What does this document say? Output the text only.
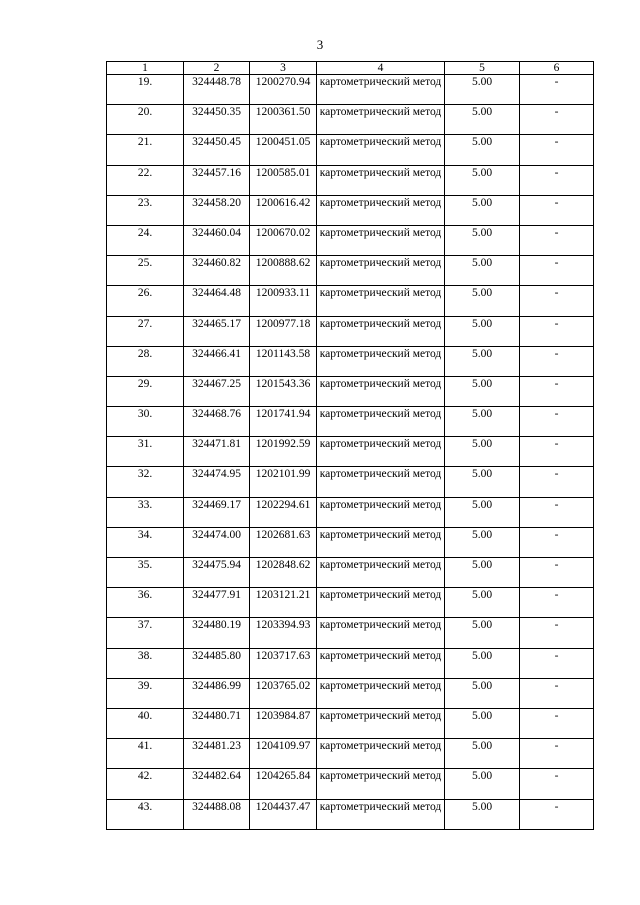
3
1	2	3	4	5	6
19.	324448.78	1200270.94	картометрический метод	5.00	-
20.	324450.35	1200361.50	картометрический метод	5.00	-
21.	324450.45	1200451.05	картометрический метод	5.00	-
22.	324457.16	1200585.01	картометрический метод	5.00	-
23.	324458.20	1200616.42	картометрический метод	5.00	-
24.	324460.04	1200670.02	картометрический метод	5.00	-
25.	324460.82	1200888.62	картометрический метод	5.00	-
26.	324464.48	1200933.11	картометрический метод	5.00	-
27.	324465.17	1200977.18	картометрический метод	5.00	-
28.	324466.41	1201143.58	картометрический метод	5.00	-
29.	324467.25	1201543.36	картометрический метод	5.00	-
30.	324468.76	1201741.94	картометрический метод	5.00	-
31.	324471.81	1201992.59	картометрический метод	5.00	-
32.	324474.95	1202101.99	картометрический метод	5.00	-
33.	324469.17	1202294.61	картометрический метод	5.00	-
34.	324474.00	1202681.63	картометрический метод	5.00	-
35.	324475.94	1202848.62	картометрический метод	5.00	-
36.	324477.91	1203121.21	картометрический метод	5.00	-
37.	324480.19	1203394.93	картометрический метод	5.00	-
38.	324485.80	1203717.63	картометрический метод	5.00	-
39.	324486.99	1203765.02	картометрический метод	5.00	-
40.	324480.71	1203984.87	картометрический метод	5.00	-
41.	324481.23	1204109.97	картометрический метод	5.00	-
42.	324482.64	1204265.84	картометрический метод	5.00	-
43.	324488.08	1204437.47	картометрический метод	5.00	-
